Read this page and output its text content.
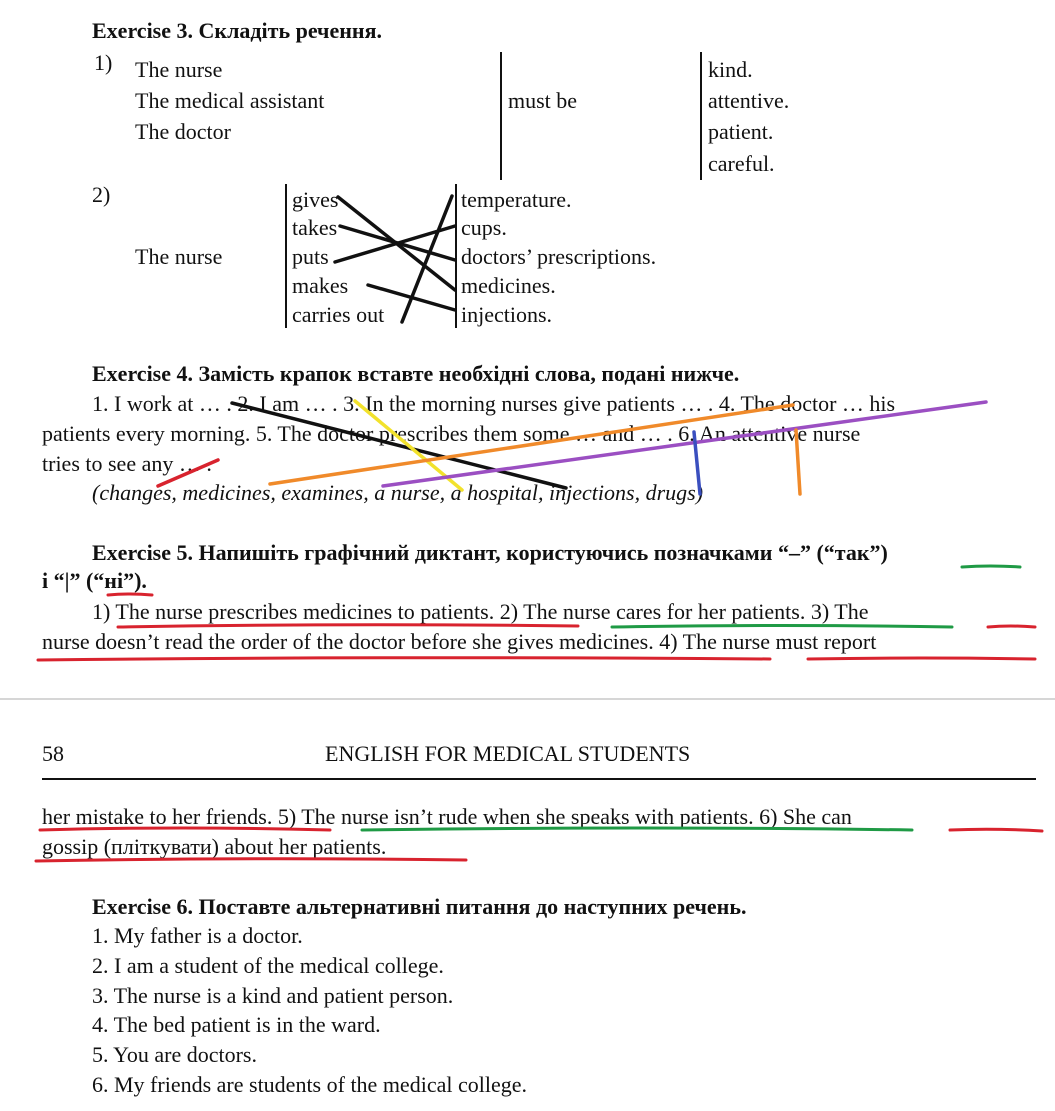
Exercise 3. Складіть речення.
1) The nurse
The medical assistant
The doctor
must be
kind.
attentive.
patient.
careful.
2)
The nurse
gives
takes
puts
makes
carries out
temperature.
cups.
doctors’ prescriptions.
medicines.
injections.
Exercise 4. Замість крапок вставте необхідні слова, подані нижче.
1. I work at … . 2. I am … . 3. In the morning nurses give patients … . 4. The doctor … his
patients every morning. 5. The doctor prescribes them some … and … . 6. An attentive nurse
tries to see any … .
(changes, medicines, examines, a nurse, a hospital, injections, drugs)
Exercise 5. Напишіть графічний диктант, користуючись позначками “–” (“так”)
і “|” (“ні”).
1) The nurse prescribes medicines to patients. 2) The nurse cares for her patients. 3) The
nurse doesn’t read the order of the doctor before she gives medicines. 4) The nurse must report
58	ENGLISH FOR MEDICAL STUDENTS
her mistake to her friends. 5) The nurse isn’t rude when she speaks with patients. 6) She can
gossip (пліткувати) about her patients.
Exercise 6. Поставте альтернативні питання до наступних речень.
1. My father is a doctor.
2. I am a student of the medical college.
3. The nurse is a kind and patient person.
4. The bed patient is in the ward.
5. You are doctors.
6. My friends are students of the medical college.
